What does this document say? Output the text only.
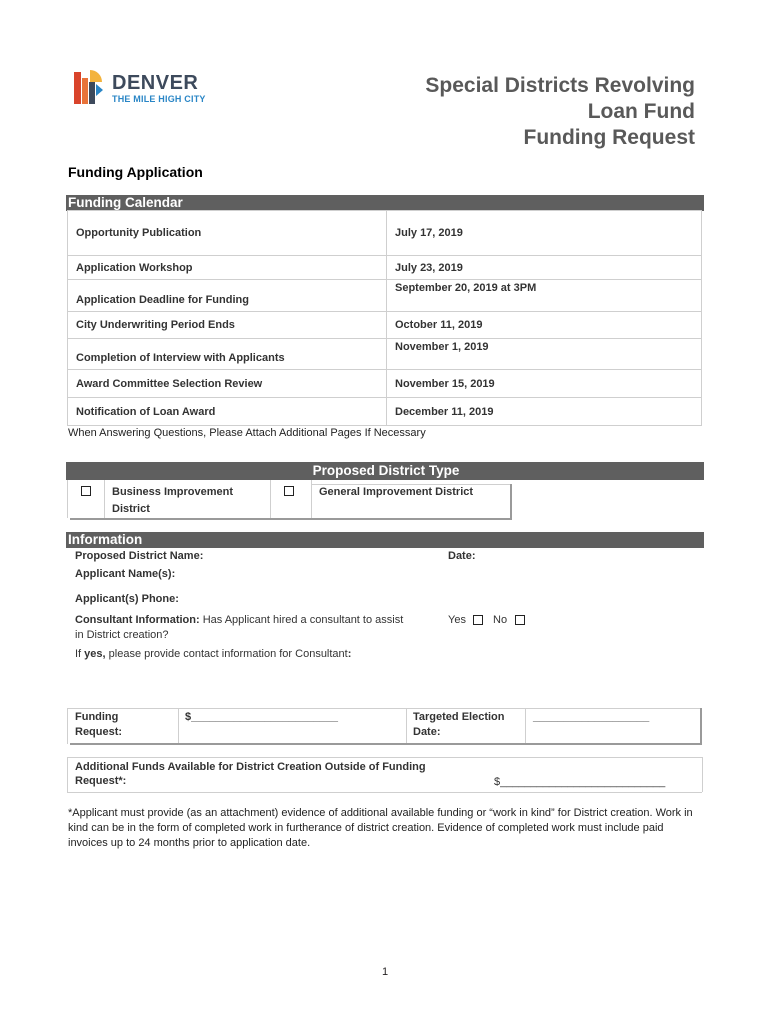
DENVER
THE MILE HIGH CITY
Special Districts Revolving
Loan Fund
Funding Request
Funding Application
Funding Calendar
Opportunity Publication	July 17, 2019
Application Workshop	July 23, 2019
Application Deadline for Funding	September 20, 2019 at 3PM
City Underwriting Period Ends	October 11, 2019
Completion of Interview with Applicants	November 1, 2019
Award Committee Selection Review	November 15, 2019
Notification of Loan Award	December 11, 2019
When Answering Questions, Please Attach Additional Pages If Necessary
Proposed District Type
Business Improvement
District
General Improvement District
Information
Proposed District Name:	Date:
Applicant Name(s):
Applicant(s) Phone:
Consultant Information: Has Applicant hired a consultant to assist
in District creation?
Yes No
If yes, please provide contact information for Consultant:
Funding
Request:
$________________________	Targeted Election
Date:
___________________
Additional Funds Available for District Creation Outside of Funding
Request*:	$___________________________
*Applicant must provide (as an attachment) evidence of additional available funding or “work in kind” for District creation. Work in kind can be in the form of completed work in furtherance of district creation. Evidence of completed work must include paid invoices up to 24 months prior to application date.
1
